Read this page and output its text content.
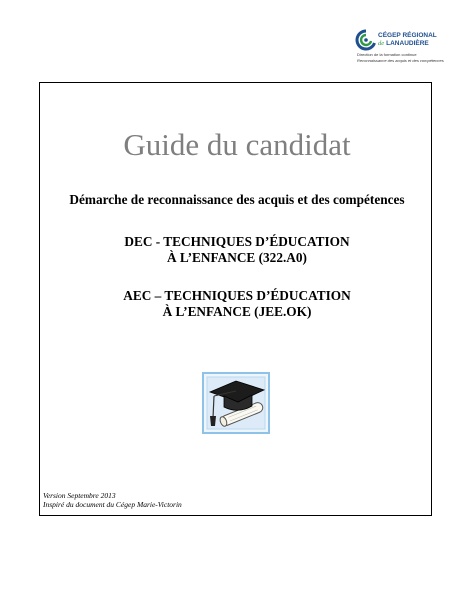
CÉGEP RÉGIONAL
de LANAUDIÈRE
Direction de la formation continue
Reconnaissance des acquis et des compétences
Guide du candidat
Démarche de reconnaissance des acquis et des compétences
DEC - TECHNIQUES D’ÉDUCATION
À L’ENFANCE (322.A0)
AEC – TECHNIQUES D’ÉDUCATION
À L’ENFANCE (JEE.OK)
Version Septembre 2013
Inspiré du document du Cégep Marie-Victorin
